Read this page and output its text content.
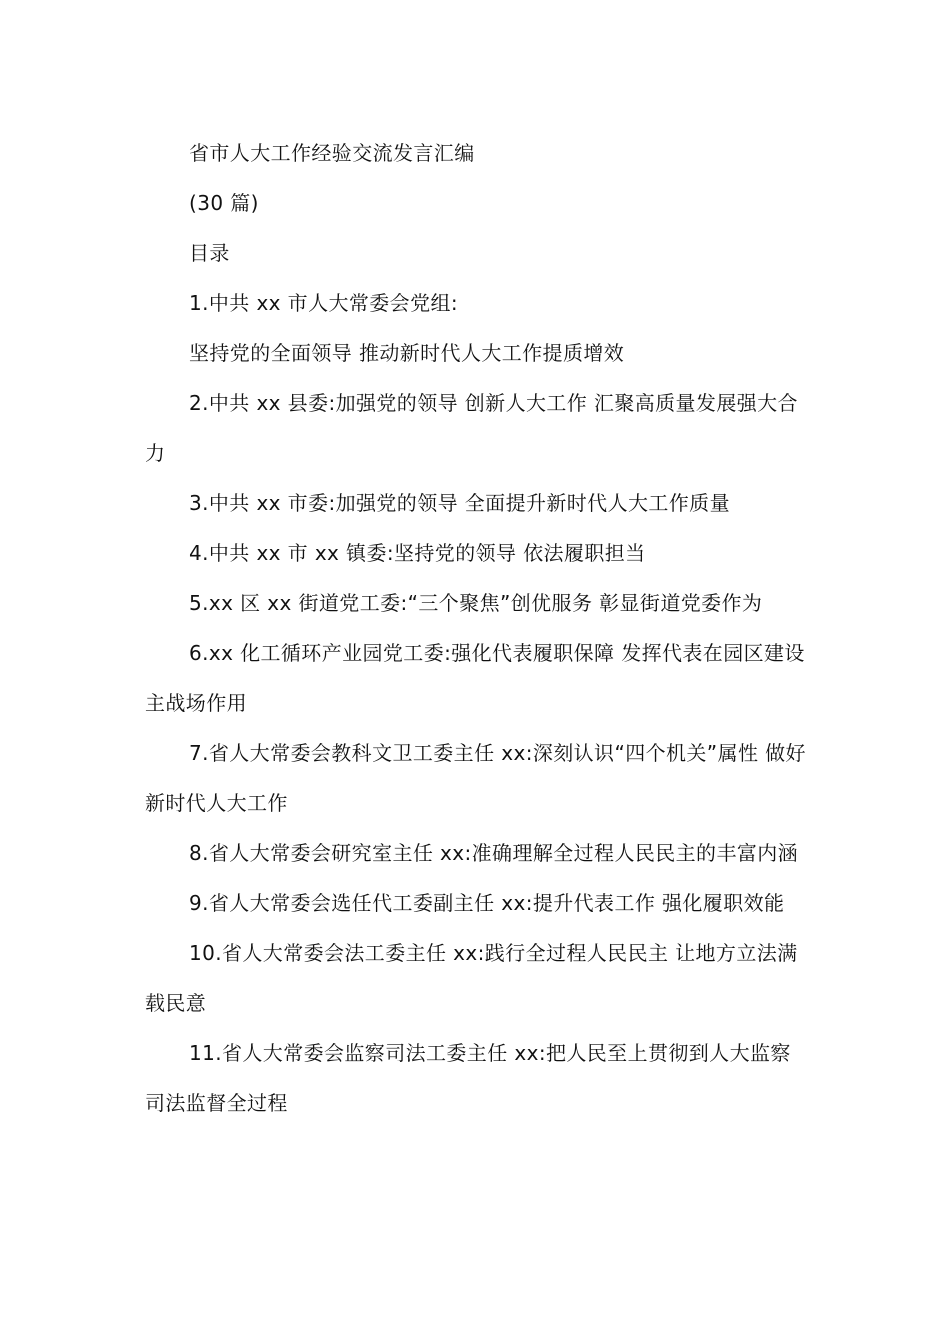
省市人大工作经验交流发言汇编

(30 篇)

目录

1.中共 xx 市人大常委会党组:

坚持党的全面领导 推动新时代人大工作提质增效

2.中共 xx 县委:加强党的领导 创新人大工作 汇聚高质量发展强大合力

3.中共 xx 市委:加强党的领导 全面提升新时代人大工作质量

4.中共 xx 市 xx 镇委:坚持党的领导 依法履职担当

5.xx 区 xx 街道党工委:“三个聚焦”创优服务 彰显街道党委作为

6.xx 化工循环产业园党工委:强化代表履职保障 发挥代表在园区建设主战场作用

7.省人大常委会教科文卫工委主任 xx:深刻认识“四个机关”属性 做好新时代人大工作

8.省人大常委会研究室主任 xx:准确理解全过程人民民主的丰富内涵

9.省人大常委会选任代工委副主任 xx:提升代表工作 强化履职效能

10.省人大常委会法工委主任 xx:践行全过程人民民主 让地方立法满载民意

11.省人大常委会监察司法工委主任 xx:把人民至上贯彻到人大监察司法监督全过程
